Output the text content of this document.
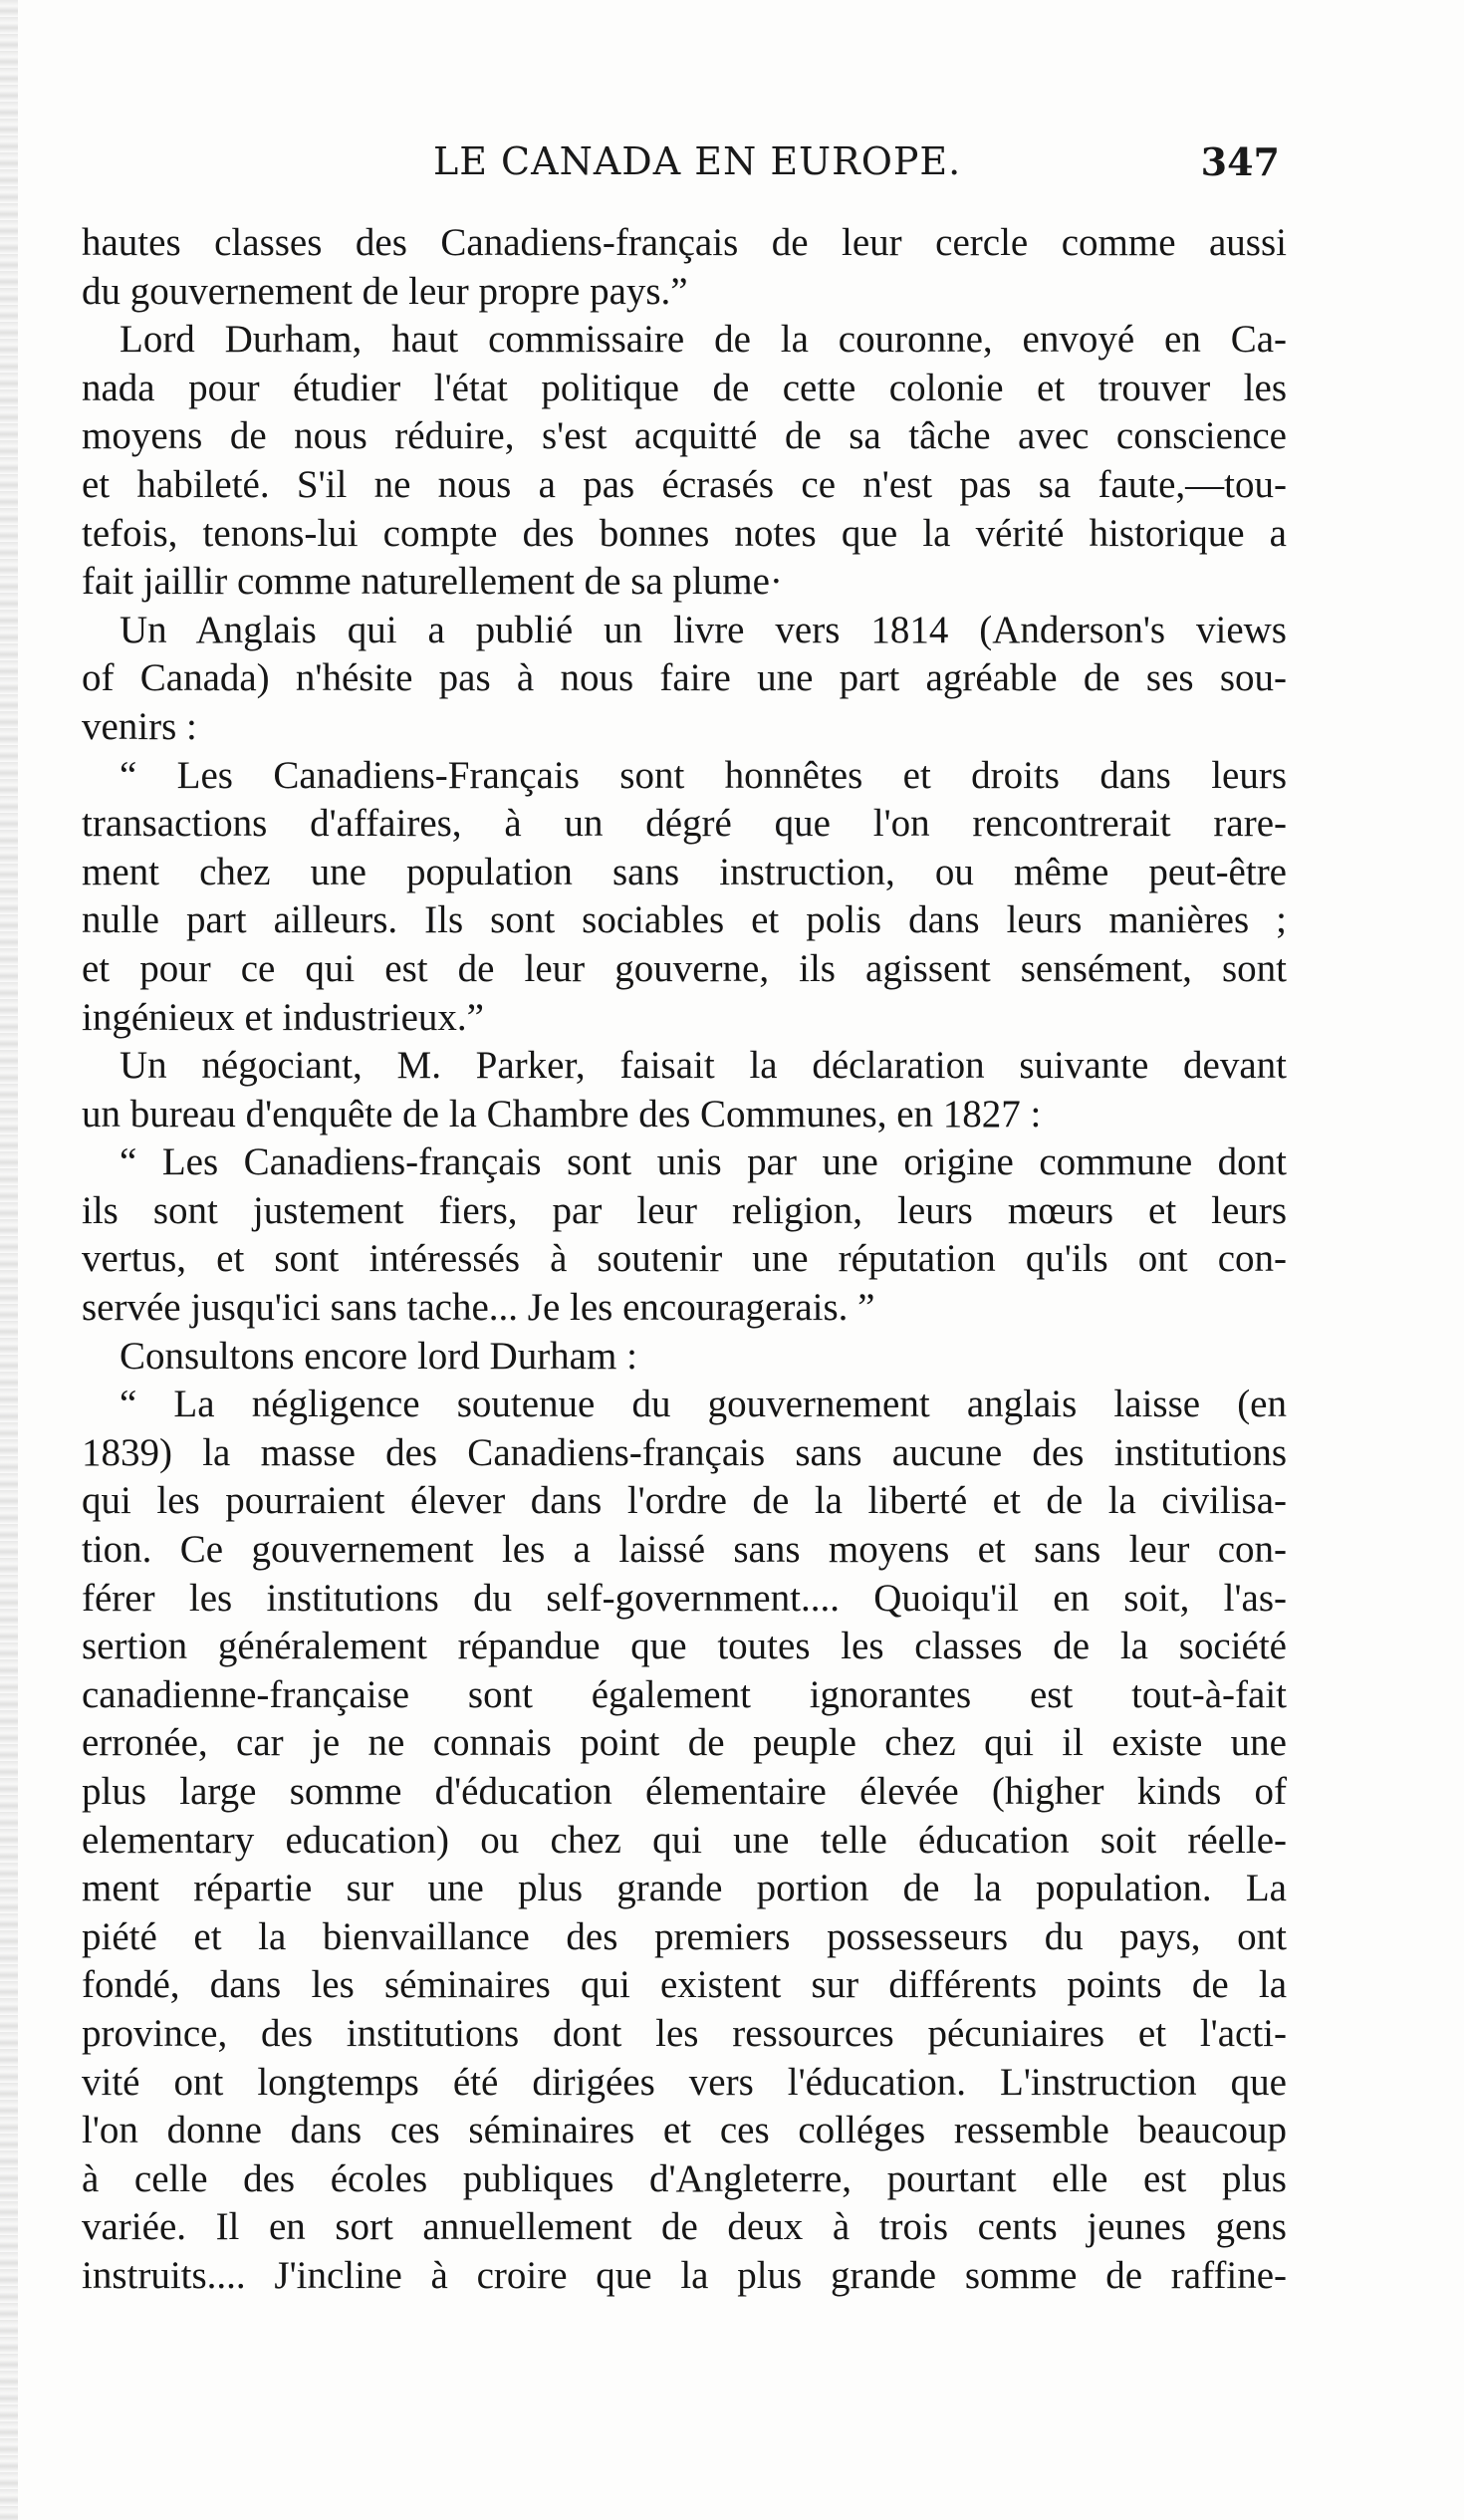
LE CANADA EN EUROPE.	347
hautes classes des Canadiens-français de leur cercle comme aussi
du gouvernement de leur propre pays.”
Lord Durham, haut commissaire de la couronne, envoyé en Ca-
nada pour étudier l'état politique de cette colonie et trouver les
moyens de nous réduire, s'est acquitté de sa tâche avec conscience
et habileté. S'il ne nous a pas écrasés ce n'est pas sa faute,—tou-
tefois, tenons-lui compte des bonnes notes que la vérité historique a
fait jaillir comme naturellement de sa plume·
Un Anglais qui a publié un livre vers 1814 (Anderson's views
of Canada) n'hésite pas à nous faire une part agréable de ses sou-
venirs :
“ Les Canadiens-Français sont honnêtes et droits dans leurs
transactions d'affaires, à un dégré que l'on rencontrerait rare-
ment chez une population sans instruction, ou même peut-être
nulle part ailleurs. Ils sont sociables et polis dans leurs manières ;
et pour ce qui est de leur gouverne, ils agissent sensément, sont
ingénieux et industrieux.”
Un négociant, M. Parker, faisait la déclaration suivante devant
un bureau d'enquête de la Chambre des Communes, en 1827 :
“ Les Canadiens-français sont unis par une origine commune dont
ils sont justement fiers, par leur religion, leurs mœurs et leurs
vertus, et sont intéressés à soutenir une réputation qu'ils ont con-
servée jusqu'ici sans tache... Je les encouragerais. ”
Consultons encore lord Durham :
“ La négligence soutenue du gouvernement anglais laisse (en
1839) la masse des Canadiens-français sans aucune des institutions
qui les pourraient élever dans l'ordre de la liberté et de la civilisa-
tion. Ce gouvernement les a laissé sans moyens et sans leur con-
férer les institutions du self-government.... Quoiqu'il en soit, l'as-
sertion généralement répandue que toutes les classes de la société
canadienne-française sont également ignorantes est tout-à-fait
erronée, car je ne connais point de peuple chez qui il existe une
plus large somme d'éducation élementaire élevée (higher kinds of
elementary education) ou chez qui une telle éducation soit réelle-
ment répartie sur une plus grande portion de la population. La
piété et la bienvaillance des premiers possesseurs du pays, ont
fondé, dans les séminaires qui existent sur différents points de la
province, des institutions dont les ressources pécuniaires et l'acti-
vité ont longtemps été dirigées vers l'éducation. L'instruction que
l'on donne dans ces séminaires et ces colléges ressemble beaucoup
à celle des écoles publiques d'Angleterre, pourtant elle est plus
variée. Il en sort annuellement de deux à trois cents jeunes gens
instruits.... J'incline à croire que la plus grande somme de raffine-
